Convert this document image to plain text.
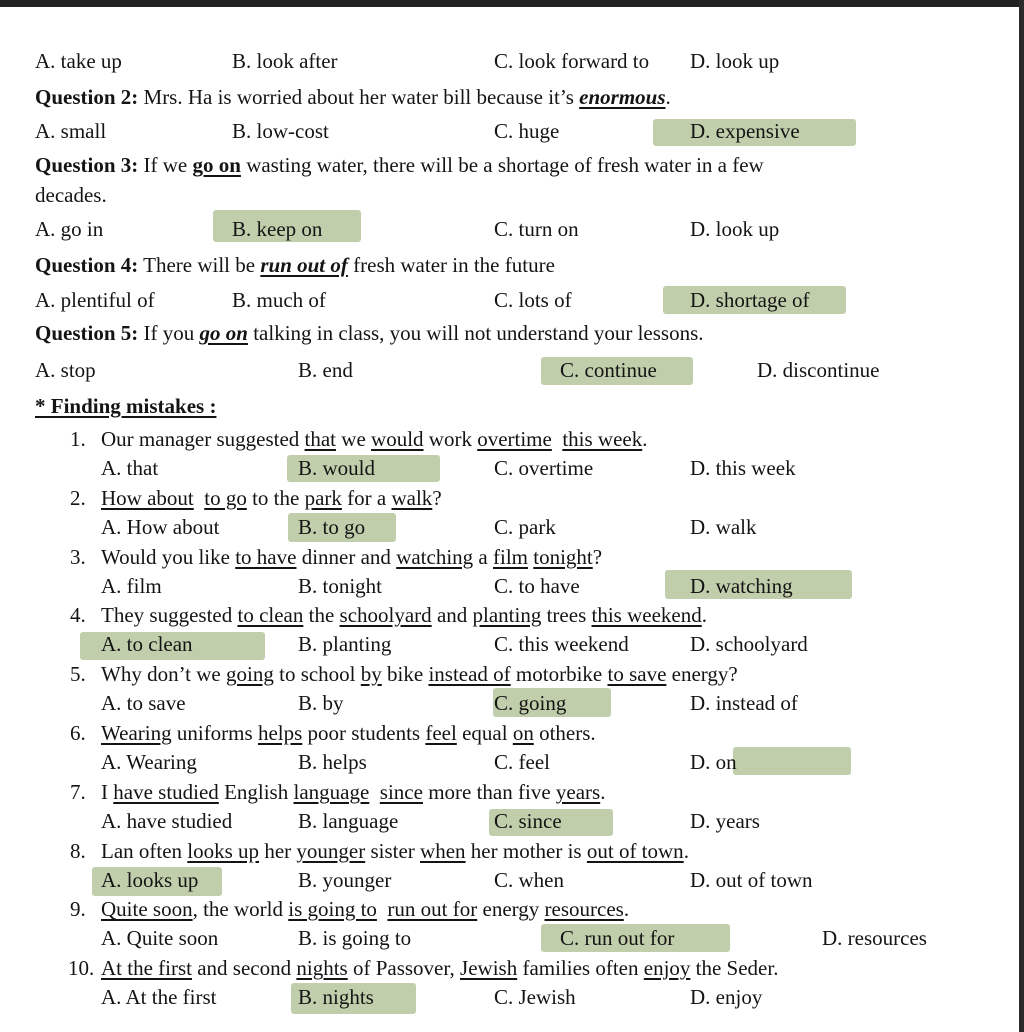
A. take up	B. look after	C. look forward to D. look up
Question 2: Mrs. Ha is worried about her water bill because it’s enormous.
A. small	B. low-cost	C. huge	D. expensive
Question 3: If we go on wasting water, there will be a shortage of fresh water in a few
decades.
A. go in	B. keep on	C. turn on	D. look up
Question 4: There will be run out of fresh water in the future
A. plentiful of	B. much of	C. lots of	D. shortage of
Question 5: If you go on talking in class, you will not understand your lessons.
A. stop	B. end	C. continue	D. discontinue
* Finding mistakes :
1. Our manager suggested that we would work overtime this week.
A. that	B. would	C. overtime	D. this week
2. How about to go to the park for a walk?
A. How about	B. to go	C. park	D. walk
3. Would you like to have dinner and watching a film tonight?
A. film	B. tonight	C. to have	D. watching
4. They suggested to clean the schoolyard and planting trees this weekend.
A. to clean	B. planting	C. this weekend	D. schoolyard
5. Why don’t we going to school by bike instead of motorbike to save energy?
A. to save	B. by	C. going	D. instead of
6. Wearing uniforms helps poor students feel equal on others.
A. Wearing	B. helps	C. feel	D. on
7. I have studied English language since more than five years.
A. have studied	B. language	C. since	D. years
8. Lan often looks up her younger sister when her mother is out of town.
A. looks up	B. younger	C. when	D. out of town
9. Quite soon, the world is going to run out for energy resources.
A. Quite soon	B. is going to	C. run out for	D. resources
10. At the first and second nights of Passover, Jewish families often enjoy the Seder.
A. At the first	B. nights	C. Jewish	D. enjoy
